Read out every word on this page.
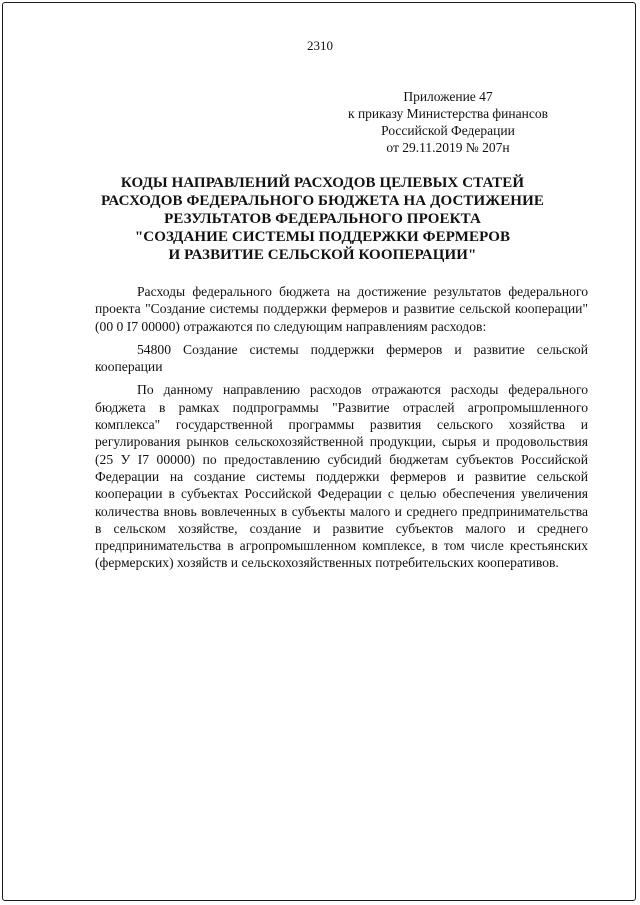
2310
Приложение 47
к приказу Министерства финансов
Российской Федерации
от 29.11.2019 № 207н
КОДЫ НАПРАВЛЕНИЙ РАСХОДОВ ЦЕЛЕВЫХ СТАТЕЙ
РАСХОДОВ ФЕДЕРАЛЬНОГО БЮДЖЕТА НА ДОСТИЖЕНИЕ
РЕЗУЛЬТАТОВ ФЕДЕРАЛЬНОГО ПРОЕКТА
"СОЗДАНИЕ СИСТЕМЫ ПОДДЕРЖКИ ФЕРМЕРОВ
И РАЗВИТИЕ СЕЛЬСКОЙ КООПЕРАЦИИ"

Расходы федерального бюджета на достижение результатов федерального проекта "Создание системы поддержки фермеров и развитие сельской кооперации" (00 0 I7 00000) отражаются по следующим направлениям расходов:

54800 Создание системы поддержки фермеров и развитие сельской кооперации

По данному направлению расходов отражаются расходы федерального бюджета в рамках подпрограммы "Развитие отраслей агропромышленного комплекса" государственной программы развития сельского хозяйства и регулирования рынков сельскохозяйственной продукции, сырья и продовольствия (25 У I7 00000) по предоставлению субсидий бюджетам субъектов Российской Федерации на создание системы поддержки фермеров и развитие сельской кооперации в субъектах Российской Федерации с целью обеспечения увеличения количества вновь вовлеченных в субъекты малого и среднего предпринимательства в сельском хозяйстве, создание и развитие субъектов малого и среднего предпринимательства в агропромышленном комплексе, в том числе крестьянских (фермерских) хозяйств и сельскохозяйственных потребительских кооперативов.
